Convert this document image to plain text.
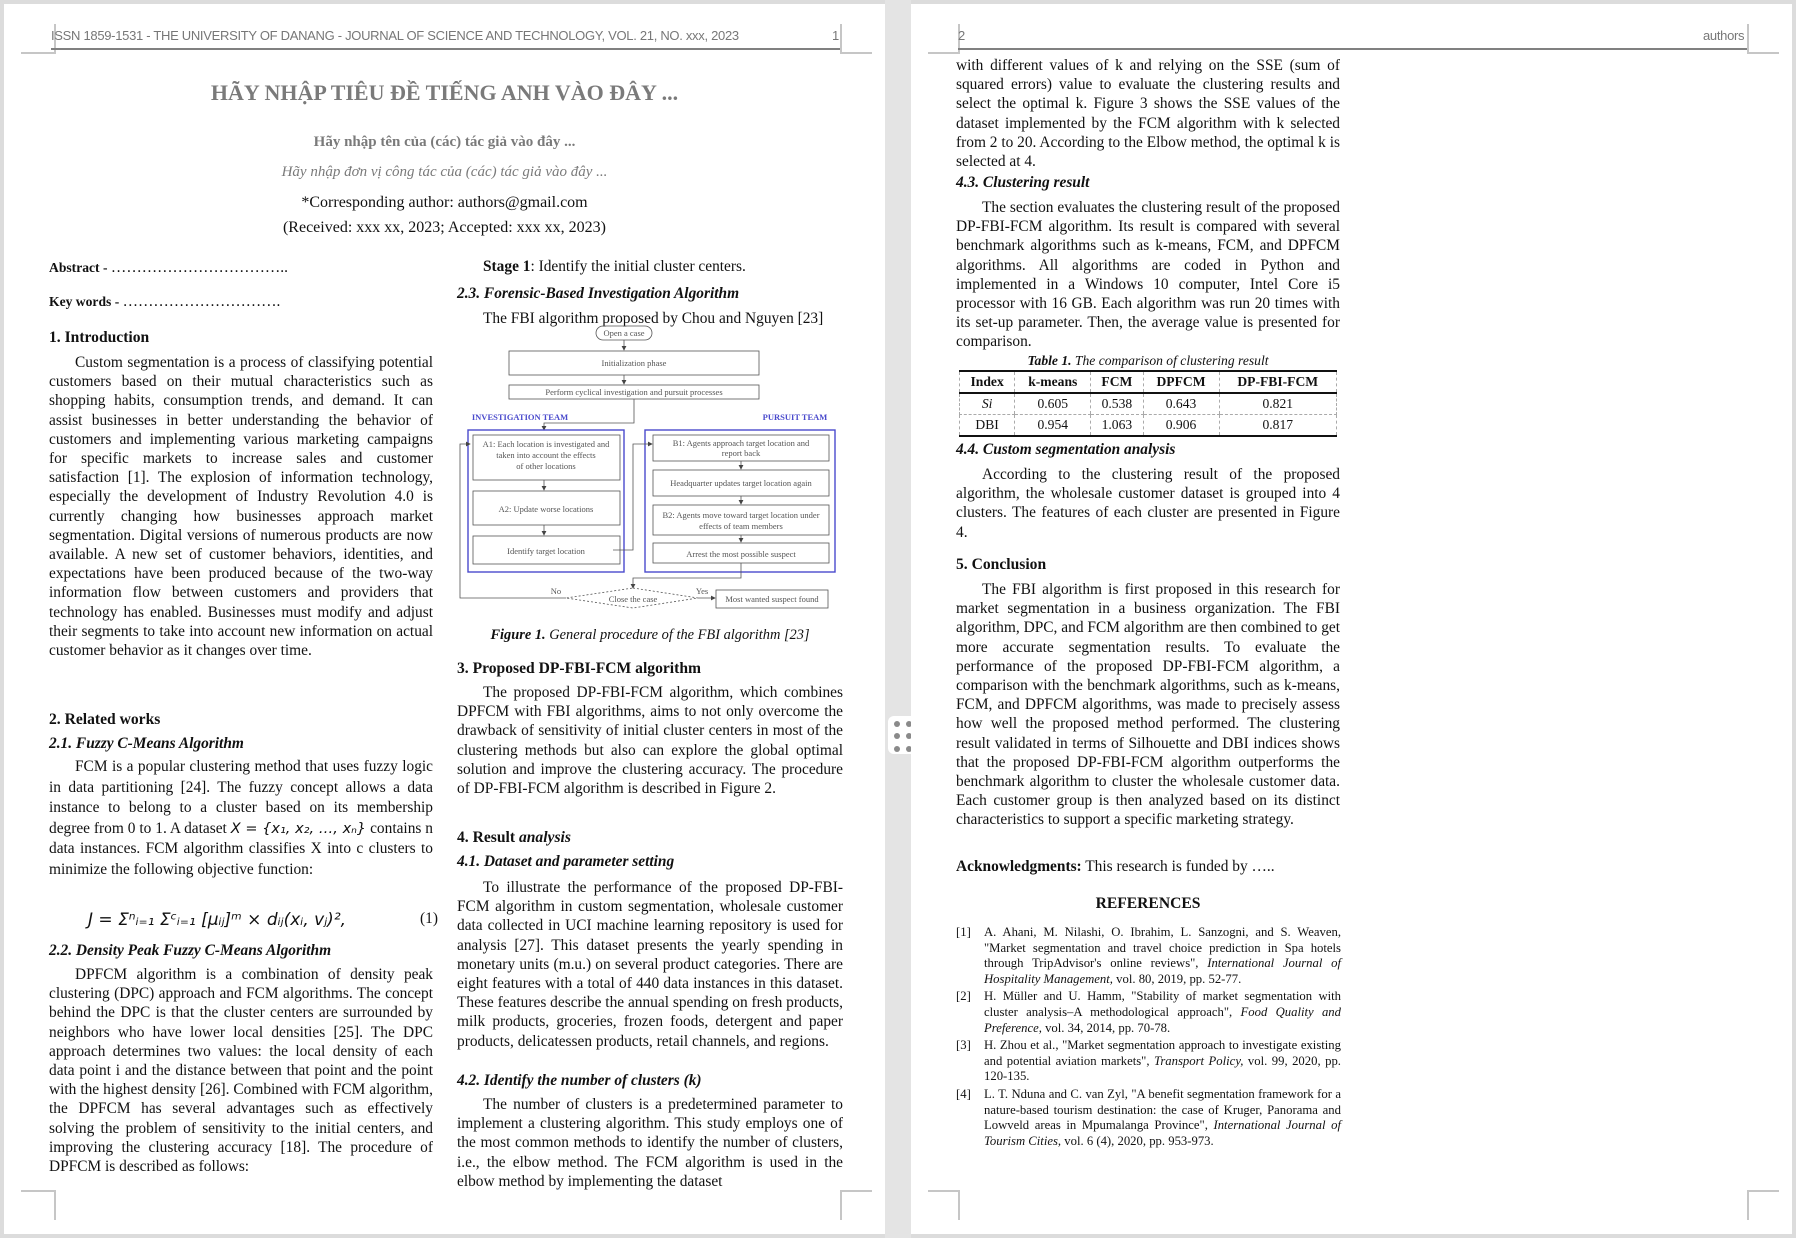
ISSN 1859-1531 - THE UNIVERSITY OF DANANG - JOURNAL OF SCIENCE AND TECHNOLOGY, VOL. 21, NO. xxx, 2023	1
HÃY NHẬP TIÊU ĐỀ TIẾNG ANH VÀO ĐÂY ...
Hãy nhập tên của (các) tác giả vào đây ...
Hãy nhập đơn vị công tác của (các) tác giả vào đây ...
*Corresponding author: authors@gmail.com
(Received: xxx xx, 2023; Accepted: xxx xx, 2023)
Abstract - ……………………………..
Key words - ………………………….
1. Introduction

Custom segmentation is a process of classifying potential customers based on their mutual characteristics such as shopping habits, consumption trends, and demand. It can assist businesses in better understanding the behavior of customers and implementing various marketing campaigns for specific markets to increase sales and customer satisfaction [1]. The explosion of information technology, especially the development of Industry Revolution 4.0 is currently changing how businesses approach market segmentation. Digital versions of numerous products are now available. A new set of customer behaviors, identities, and expectations have been produced because of the two-way information flow between customers and providers that technology has enabled. Businesses must modify and adjust their segments to take into account new information on actual customer behavior as it changes over time.

2. Related works
2.1. Fuzzy C-Means Algorithm

FCM is a popular clustering method that uses fuzzy logic in data partitioning [24]. The fuzzy concept allows a data instance to belong to a cluster based on its membership degree from 0 to 1. A dataset X = {x₁, x₂, …, xₙ} contains n data instances. FCM algorithm classifies X into c clusters to minimize the following objective function:

J = Σⁿᵢ₌₁ Σᶜᵢ₌₁ [μᵢⱼ]ᵐ × dᵢⱼ(xᵢ, vⱼ)²,	(1)
2.2. Density Peak Fuzzy C-Means Algorithm

DPFCM algorithm is a combination of density peak clustering (DPC) approach and FCM algorithms. The concept behind the DPC is that the cluster centers are surrounded by neighbors who have lower local densities [25]. The DPC approach determines two values: the local density of each data point i and the distance between that point and the point with the highest density [26]. Combined with FCM algorithm, the DPFCM has several advantages such as effectively solving the problem of sensitivity to the initial centers, and improving the clustering accuracy [18]. The procedure of DPFCM is described as follows:

Stage 1: Identify the initial cluster centers.

2.3. Forensic-Based Investigation Algorithm

The FBI algorithm proposed by Chou and Nguyen [23]

Open a case
Initialization phase
Perform cyclical investigation and pursuit processes
INVESTIGATION TEAM	PURSUIT TEAM
A1: Each location is investigated and
taken into account the effects
of other locations
A2: Update worse locations
Identify target location
B1: Agents approach target location and
report back
Headquarter updates target location again
B2: Agents move toward target location under
effects of team members
Arrest the most possible suspect
No	Yes
Close the case	Most wanted suspect found
Figure 1. General procedure of the FBI algorithm [23]
3. Proposed DP-FBI-FCM algorithm

The proposed DP-FBI-FCM algorithm, which combines DPFCM with FBI algorithms, aims to not only overcome the drawback of sensitivity of initial cluster centers in most of the clustering methods but also can explore the global optimal solution and improve the clustering accuracy. The procedure of DP-FBI-FCM algorithm is described in Figure 2.

4. Result analysis
4.1. Dataset and parameter setting

To illustrate the performance of the proposed DP-FBI-FCM algorithm in custom segmentation, wholesale customer data collected in UCI machine learning repository is used for analysis [27]. This dataset presents the yearly spending in monetary units (m.u.) on several product categories. There are eight features with a total of 440 data instances in this dataset. These features describe the annual spending on fresh products, milk products, groceries, frozen foods, detergent and paper products, delicatessen products, retail channels, and regions.

4.2. Identify the number of clusters (k)

The number of clusters is a predetermined parameter to implement a clustering algorithm. This study employs one of the most common methods to identify the number of clusters, i.e., the elbow method. The FCM algorithm is used in the elbow method by implementing the dataset

2	authors

with different values of k and relying on the SSE (sum of squared errors) value to evaluate the clustering results and select the optimal k. Figure 3 shows the SSE values of the dataset implemented by the FCM algorithm with k selected from 2 to 20. According to the Elbow method, the optimal k is selected at 4.

4.3. Clustering result

The section evaluates the clustering result of the proposed DP-FBI-FCM algorithm. Its result is compared with several benchmark algorithms such as k-means, FCM, and DPFCM algorithms. All algorithms are coded in Python and implemented in a Windows 10 computer, Intel Core i5 processor with 16 GB. Each algorithm was run 20 times with its set-up parameter. Then, the average value is presented for comparison.

Table 1. The comparison of clustering result
Index	k-means	FCM	DPFCM	DP-FBI-FCM
Si	0.605	0.538	0.643	0.821
DBI	0.954	1.063	0.906	0.817
4.4. Custom segmentation analysis

According to the clustering result of the proposed algorithm, the wholesale customer dataset is grouped into 4 clusters. The features of each cluster are presented in Figure 4.

5. Conclusion

The FBI algorithm is first proposed in this research for market segmentation in a business organization. The FBI algorithm, DPC, and FCM algorithm are then combined to get more accurate segmentation results. To evaluate the performance of the proposed DP-FBI-FCM algorithm, a comparison with the benchmark algorithms, such as k-means, FCM, and DPFCM algorithms, was made to precisely assess how well the proposed method performed. The clustering result validated in terms of Silhouette and DBI indices shows that the proposed DP-FBI-FCM algorithm outperforms the benchmark algorithm to cluster the wholesale customer data. Each customer group is then analyzed based on its distinct characteristics to support a specific marketing strategy.

Acknowledgments: This research is funded by …..
REFERENCES
[1]	A. Ahani, M. Nilashi, O. Ibrahim, L. Sanzogni, and S. Weaven, "Market segmentation and travel choice prediction in Spa hotels through TripAdvisor's online reviews", International Journal of Hospitality Management, vol. 80, 2019, pp. 52-77.
[2]	H. Müller and U. Hamm, "Stability of market segmentation with cluster analysis–A methodological approach", Food Quality and Preference, vol. 34, 2014, pp. 70-78.
[3]	H. Zhou et al., "Market segmentation approach to investigate existing and potential aviation markets", Transport Policy, vol. 99, 2020, pp. 120-135.
[4]	L. T. Nduna and C. van Zyl, "A benefit segmentation framework for a nature-based tourism destination: the case of Kruger, Panorama and Lowveld areas in Mpumalanga Province", International Journal of Tourism Cities, vol. 6 (4), 2020, pp. 953-973.
